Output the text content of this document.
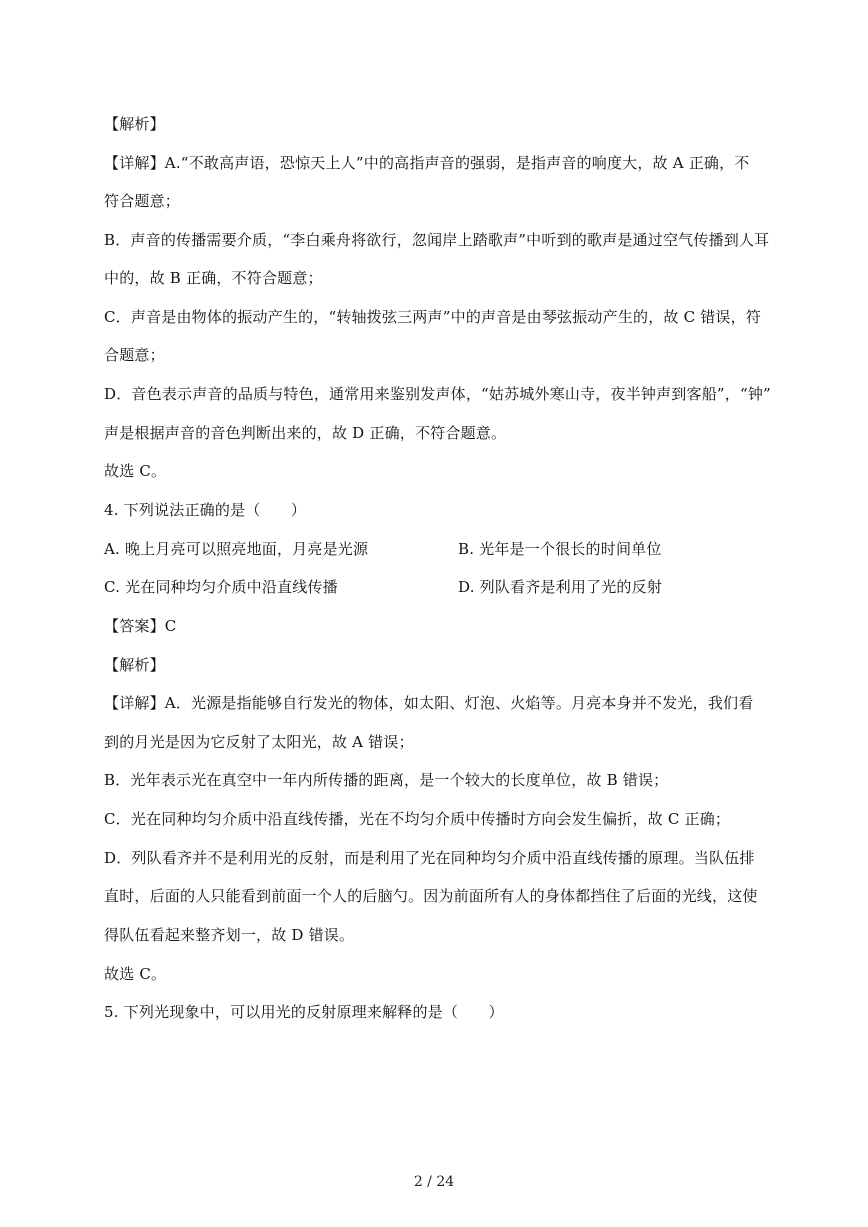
【解析】
【详解】A.“不敢高声语，恐惊天上人”中的高指声音的强弱，是指声音的响度大，故 A 正确，不
符合题意；
B．声音的传播需要介质，“李白乘舟将欲行，忽闻岸上踏歌声”中听到的歌声是通过空气传播到人耳
中的，故 B 正确，不符合题意；
C．声音是由物体的振动产生的，“转轴拨弦三两声”中的声音是由琴弦振动产生的，故 C 错误，符
合题意；
D．音色表示声音的品质与特色，通常用来鉴别发声体，“姑苏城外寒山寺，夜半钟声到客船”，“钟”
声是根据声音的音色判断出来的，故 D 正确，不符合题意。
故选 C。
4. 下列说法正确的是（　　）
A. 晚上月亮可以照亮地面，月亮是光源	B. 光年是一个很长的时间单位
C. 光在同种均匀介质中沿直线传播	D. 列队看齐是利用了光的反射
【答案】C
【解析】
【详解】A．光源是指能够自行发光的物体，如太阳、灯泡、火焰等。月亮本身并不发光，我们看
到的月光是因为它反射了太阳光，故 A 错误；
B．光年表示光在真空中一年内所传播的距离，是一个较大的长度单位，故 B 错误；
C．光在同种均匀介质中沿直线传播，光在不均匀介质中传播时方向会发生偏折，故 C 正确；
D．列队看齐并不是利用光的反射，而是利用了光在同种均匀介质中沿直线传播的原理。当队伍排
直时，后面的人只能看到前面一个人的后脑勺。因为前面所有人的身体都挡住了后面的光线，这使
得队伍看起来整齐划一，故 D 错误。
故选 C。
5. 下列光现象中，可以用光的反射原理来解释的是（　　）
2 / 24
